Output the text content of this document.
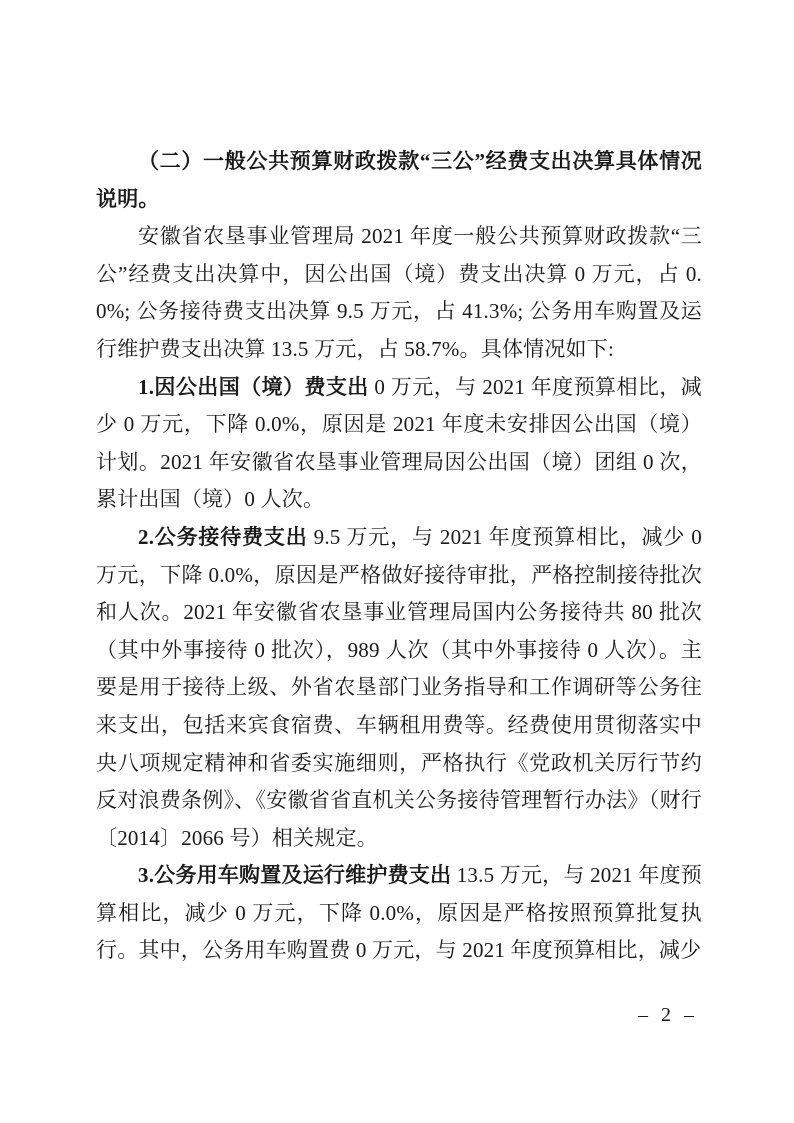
（二）一般公共预算财政拨款“三公”经费支出决算具体情况说明。

安徽省农垦事业管理局 2021 年度一般公共预算财政拨款“三公”经费支出决算中，因公出国（境）费支出决算 0 万元，占 0.0%; 公务接待费支出决算 9.5 万元，占 41.3%; 公务用车购置及运行维护费支出决算 13.5 万元，占 58.7%。具体情况如下:

1.因公出国（境）费支出 0 万元，与 2021 年度预算相比，减少 0 万元，下降 0.0%，原因是 2021 年度未安排因公出国（境）计划。2021 年安徽省农垦事业管理局因公出国（境）团组 0 次，累计出国（境）0 人次。

2.公务接待费支出 9.5 万元，与 2021 年度预算相比，减少 0 万元，下降 0.0%，原因是严格做好接待审批，严格控制接待批次和人次。2021 年安徽省农垦事业管理局国内公务接待共 80 批次（其中外事接待 0 批次），989 人次（其中外事接待 0 人次）。主要是用于接待上级、外省农垦部门业务指导和工作调研等公务往来支出，包括来宾食宿费、车辆租用费等。经费使用贯彻落实中央八项规定精神和省委实施细则，严格执行《党政机关厉行节约反对浪费条例》、《安徽省省直机关公务接待管理暂行办法》（财行〔2014〕2066 号）相关规定。

3.公务用车购置及运行维护费支出 13.5 万元，与 2021 年度预算相比，减少 0 万元，下降 0.0%，原因是严格按照预算批复执行。其中，公务用车购置费 0 万元，与 2021 年度预算相比，减少

– 2 –
